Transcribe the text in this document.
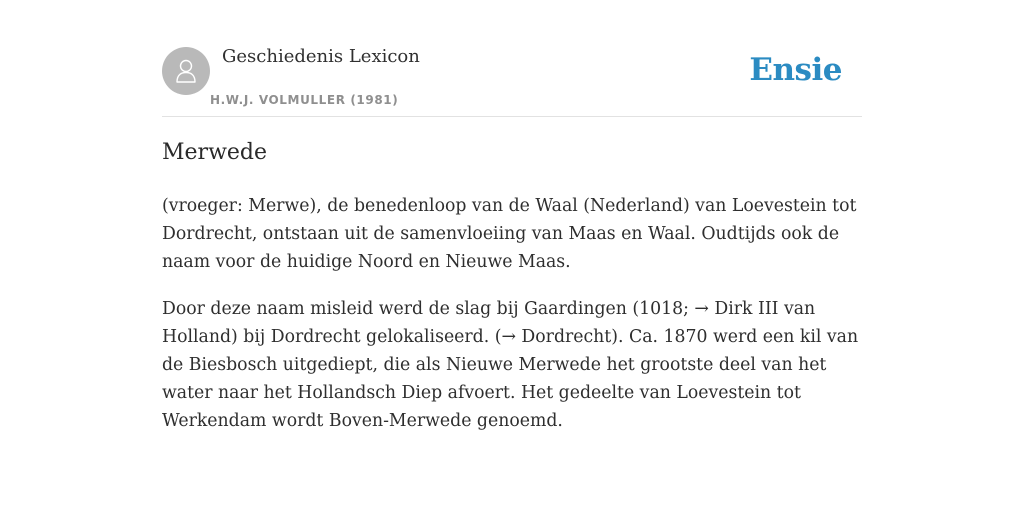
Geschiedenis Lexicon
H.W.J. VOLMULLER (1981)
Ensie
Merwede

(vroeger: Merwe), de benedenloop van de Waal (Nederland) van Loevestein tot Dordrecht, ontstaan uit de samenvloeiing van Maas en Waal. Oudtijds ook de naam voor de huidige Noord en Nieuwe Maas.

Door deze naam misleid werd de slag bij Gaardingen (1018; → Dirk III van Holland) bij Dordrecht gelokaliseerd. (→ Dordrecht). Ca. 1870 werd een kil van de Biesbosch uitgediept, die als Nieuwe Merwede het grootste deel van het water naar het Hollandsch Diep afvoert. Het gedeelte van Loevestein tot Werkendam wordt Boven-Merwede genoemd.
